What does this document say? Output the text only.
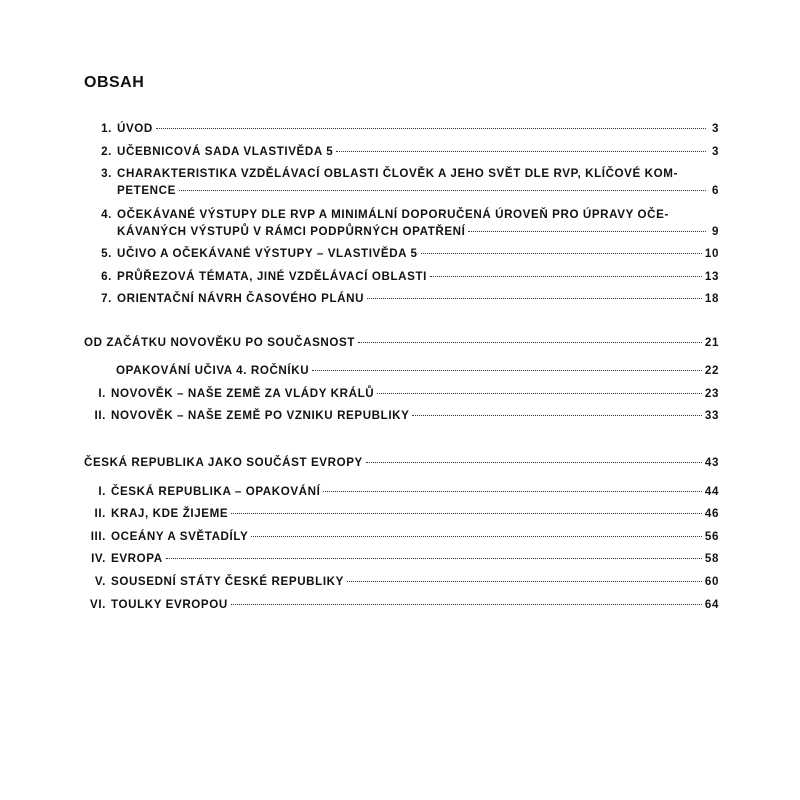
OBSAH
1. ÚVOD	3
2. UČEBNICOVÁ SADA VLASTIVĚDA 5	3
3. CHARAKTERISTIKA VZDĚLÁVACÍ OBLASTI ČLOVĚK A JEHO SVĚT DLE RVP, KLÍČOVÉ KOM-
PETENCE	6
4. OČEKÁVANÉ VÝSTUPY DLE RVP A MINIMÁLNÍ DOPORUČENÁ ÚROVEŇ PRO ÚPRAVY OČE-
KÁVANÝCH VÝSTUPŮ V RÁMCI PODPŮRNÝCH OPATŘENÍ	9
5. UČIVO A OČEKÁVANÉ VÝSTUPY – VLASTIVĚDA 5	10
6. PRŮŘEZOVÁ TÉMATA, JINÉ VZDĚLÁVACÍ OBLASTI	13
7. ORIENTAČNÍ NÁVRH ČASOVÉHO PLÁNU	18
OD ZAČÁTKU NOVOVĚKU PO SOUČASNOST	21
OPAKOVÁNÍ UČIVA 4. ROČNÍKU	22
I. NOVOVĚK – NAŠE ZEMĚ ZA VLÁDY KRÁLŮ	23
II. NOVOVĚK – NAŠE ZEMĚ PO VZNIKU REPUBLIKY	33
ČESKÁ REPUBLIKA JAKO SOUČÁST EVROPY	43
I. ČESKÁ REPUBLIKA – OPAKOVÁNÍ	44
II. KRAJ, KDE ŽIJEME	46
III. OCEÁNY A SVĚTADÍLY	56
IV. EVROPA	58
V. SOUSEDNÍ STÁTY ČESKÉ REPUBLIKY	60
VI. TOULKY EVROPOU	64
